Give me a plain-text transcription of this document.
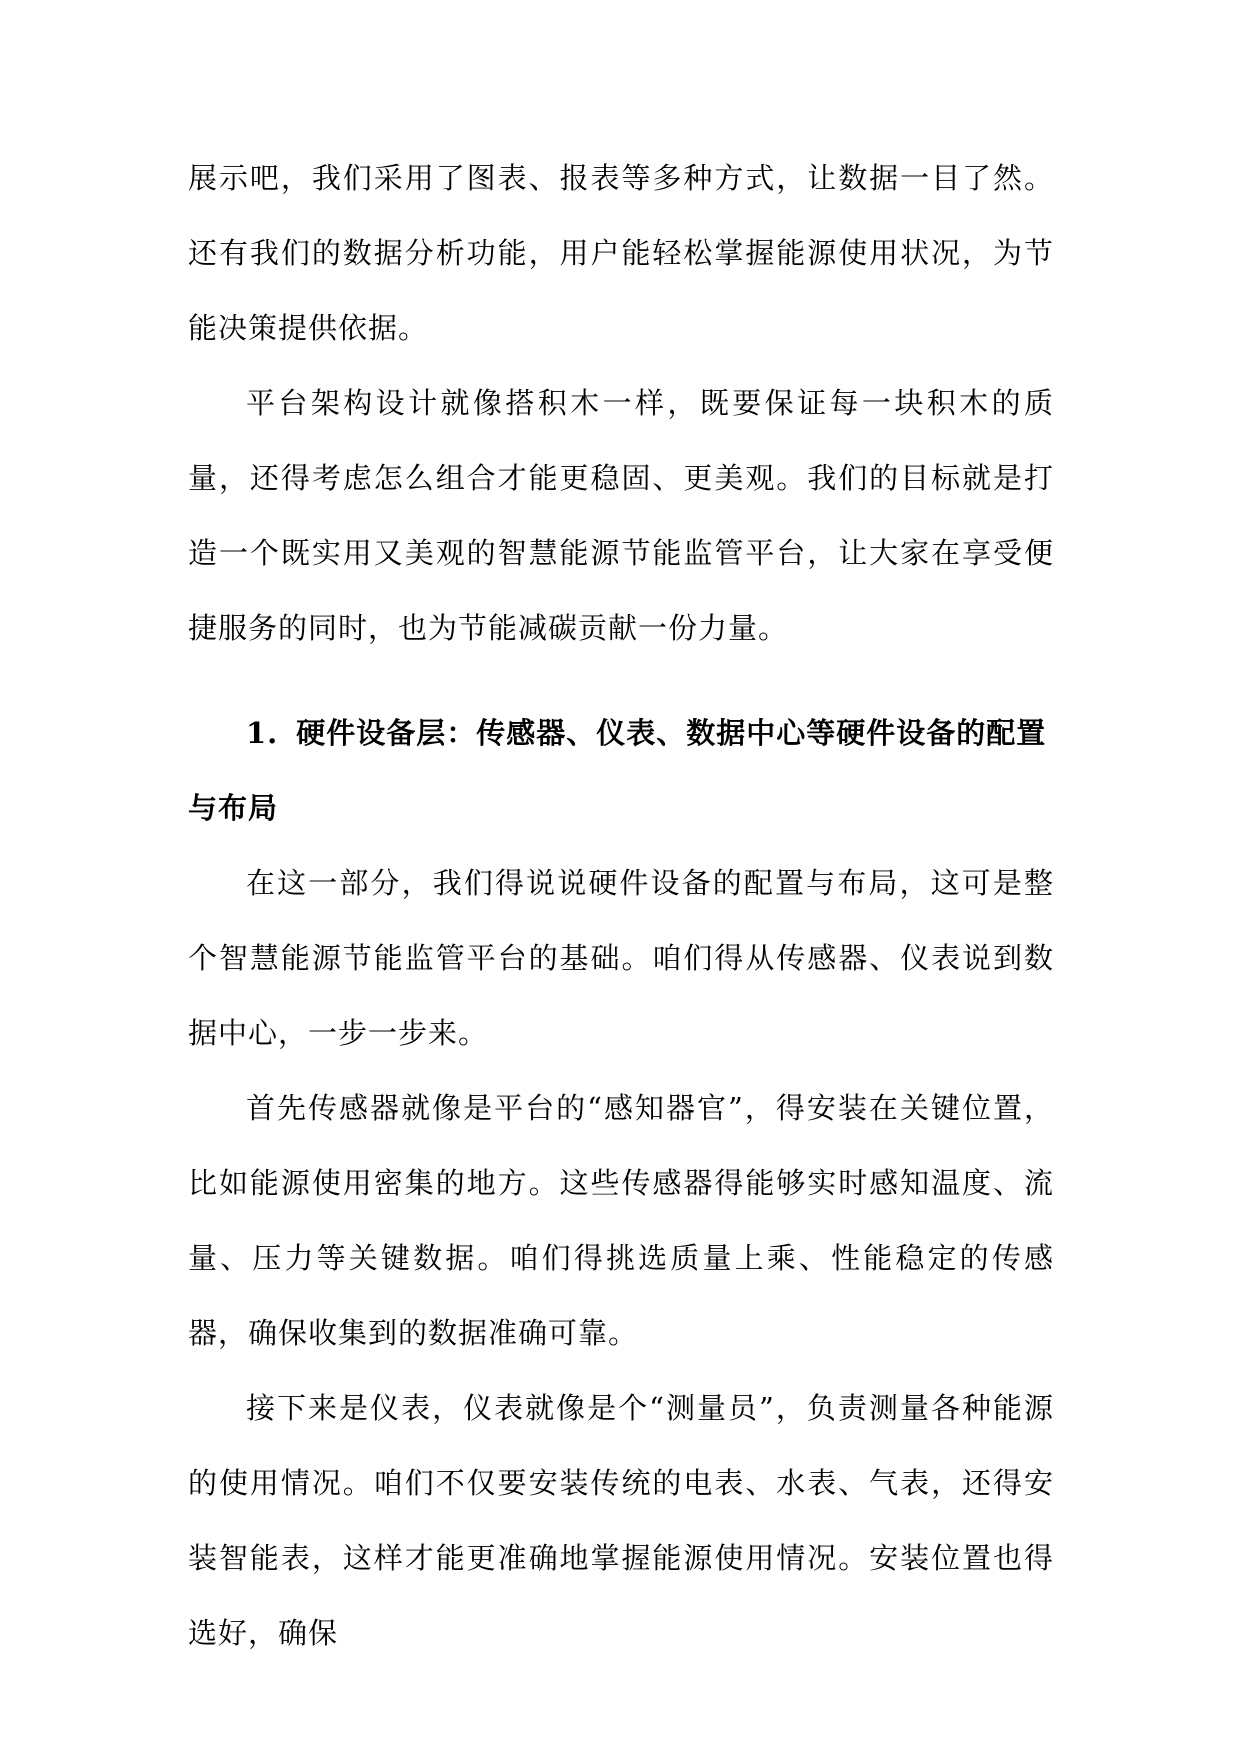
展示吧，我们采用了图表、报表等多种方式，让数据一目了然。还有我们的数据分析功能，用户能轻松掌握能源使用状况，为节能决策提供依据。

平台架构设计就像搭积木一样，既要保证每一块积木的质量，还得考虑怎么组合才能更稳固、更美观。我们的目标就是打造一个既实用又美观的智慧能源节能监管平台，让大家在享受便捷服务的同时，也为节能减碳贡献一份力量。

1. 硬件设备层：传感器、仪表、数据中心等硬件设备的配置与布局

在这一部分，我们得说说硬件设备的配置与布局，这可是整个智慧能源节能监管平台的基础。咱们得从传感器、仪表说到数据中心，一步一步来。

首先传感器就像是平台的“感知器官”，得安装在关键位置，比如能源使用密集的地方。这些传感器得能够实时感知温度、流量、压力等关键数据。咱们得挑选质量上乘、性能稳定的传感器，确保收集到的数据准确可靠。

接下来是仪表，仪表就像是个“测量员”，负责测量各种能源的使用情况。咱们不仅要安装传统的电表、水表、气表，还得安装智能表，这样才能更准确地掌握能源使用情况。安装位置也得选好，确保
